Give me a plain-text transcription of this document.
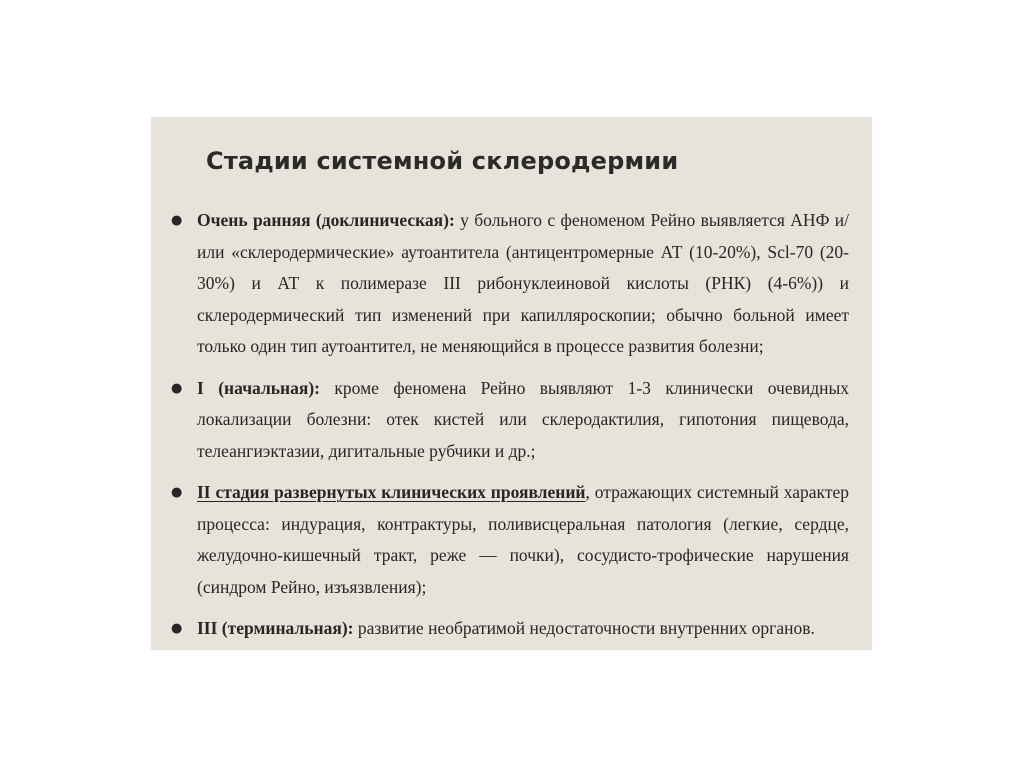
Стадии системной склеродермии
● Очень ранняя (доклиническая): у больного с феноменом Рейно выявляется АНФ и/или «склеродермические» аутоантитела (антицентромерные АТ (10-20%), Scl-70 (20-30%) и АТ к полимеразе III рибонуклеиновой кислоты (РНК) (4-6%)) и склеродермический тип изменений при капилляроскопии; обычно больной имеет только один тип аутоантител, не меняющийся в процессе развития болезни;
● I (начальная): кроме феномена Рейно выявляют 1-3 клинически очевидных локализации болезни: отек кистей или склеродактилия, гипотония пищевода, телеангиэктазии, дигитальные рубчики и др.;
● II стадия развернутых клинических проявлений, отражающих системный характер процесса: индурация, контрактуры, поливисцеральная патология (легкие, сердце, желудочно-кишечный тракт, реже — почки), сосудисто-трофические нарушения (синдром Рейно, изъязвления);
● III (терминальная): развитие необратимой недостаточности внутренних органов.
